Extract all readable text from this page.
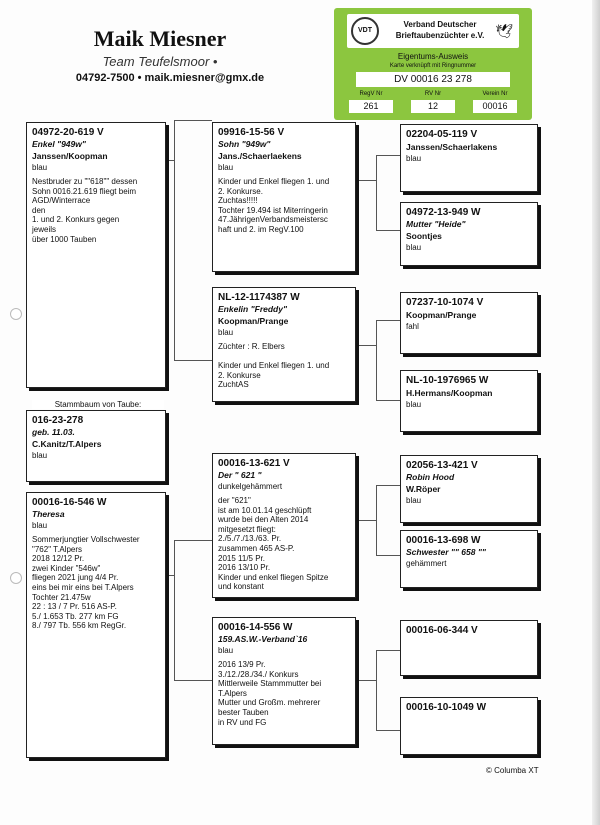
Maik Miesner
Team Teufelsmoor •
04792-7500 • maik.miesner@gmx.de
VDT
Verband Deutscher
Brieftaubenzüchter e.V. 🕊
Eigentums-Ausweis
Karte verknüpft mit Ringnummer
DV 00016 23 278
RegV Nr	RV Nr	Verein Nr
261	12	00016
04972-20-619 V
Enkel "949w"
Janssen/Koopman
blau
Nestbruder zu ""618"" dessen
Sohn 0016.21.619 fliegt beim
AGD/Winterrace
den
1. und 2. Konkurs gegen
jeweils
über 1000 Tauben
Stammbaum von Taube:
016-23-278
geb. 11.03.
C.Kanitz/T.Alpers
blau
00016-16-546 W
Theresa
blau
Sommerjungtier Vollschwester
"762" T.Alpers
2018 12/12 Pr.
zwei Kinder "546w"
fliegen 2021 jung 4/4 Pr.
eins bei mir eins bei T.Alpers
Tochter 21.475w
22 : 13 / 7 Pr. 516 AS-P.
5./ 1.653 Tb. 277 km FG
8./ 797 Tb. 556 km RegGr.
09916-15-56 V
Sohn "949w"
Jans./Schaerlaekens
blau
Kinder und Enkel fliegen 1. und
2. Konkurse.
Zuchtas!!!!!
Tochter 19.494 ist Miterringerin
47.JährigenVerbandsmeistersc
haft und 2. im RegV.100
NL-12-1174387 W
Enkelin "Freddy"
Koopman/Prange
blau
Züchter : R. Elbers

Kinder und Enkel fliegen 1. und
2. Konkurse
ZuchtAS
00016-13-621 V
Der " 621 "
dunkelgehämmert
der "621"
ist am 10.01.14 geschlüpft
wurde bei den Alten 2014
mitgesetzt fliegt:
2./5./7./13./63. Pr.
zusammen 465 AS-P.
2015 11/5 Pr.
2016 13/10 Pr.
Kinder und enkel fliegen Spitze
und konstant
00016-14-556 W
159.AS.W.-Verband`16
blau
2016 13/9 Pr.
3./12./28./34./ Konkurs
Mittlerweile Stammmutter bei
T.Alpers
Mutter und Großm. mehrerer
bester Tauben
in RV und FG
02204-05-119 V
Janssen/Schaerlakens
blau
04972-13-949 W
Mutter "Heide"
Soontjes
blau
07237-10-1074 V
Koopman/Prange
fahl
NL-10-1976965 W
H.Hermans/Koopman
blau
02056-13-421 V
Robin Hood
W.Röper
blau
00016-13-698 W
Schwester "" 658 ""
gehämmert
00016-06-344 V
00016-10-1049 W
© Columba XT
